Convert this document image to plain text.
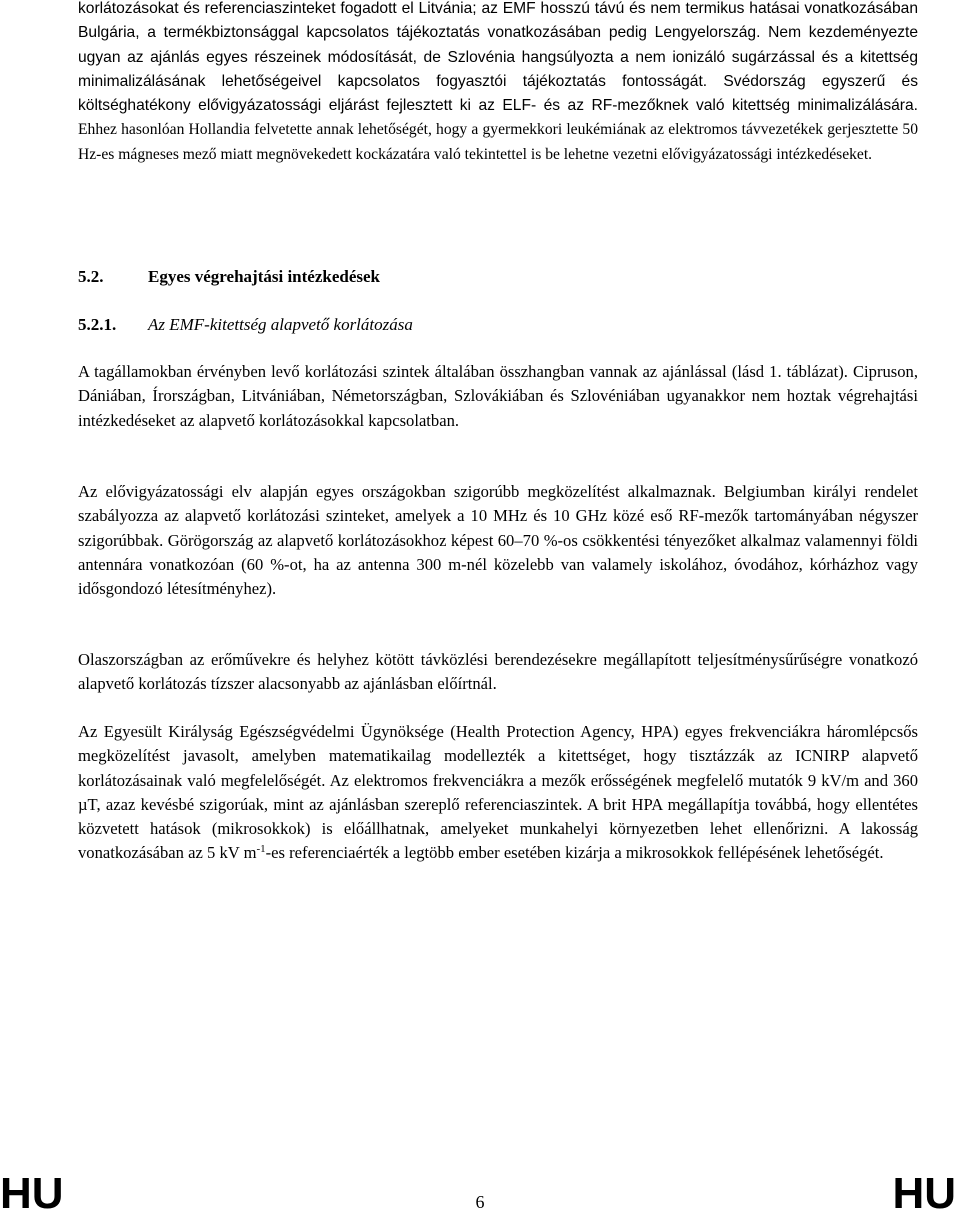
korlátozásokat és referenciaszinteket fogadott el Litvánia; az EMF hosszú távú és nem termikus hatásai vonatkozásában Bulgária, a termékbiztonsággal kapcsolatos tájékoztatás vonatkozásában pedig Lengyelország. Nem kezdeményezte ugyan az ajánlás egyes részeinek módosítását, de Szlovénia hangsúlyozta a nem ionizáló sugárzással és a kitettség minimalizálásának lehetőségeivel kapcsolatos fogyasztói tájékoztatás fontosságát. Svédország egyszerű és költséghatékony elővigyázatossági eljárást fejlesztett ki az ELF- és az RF-mezőknek való kitettség minimalizálására. Ehhez hasonlóan Hollandia felvetette annak lehetőségét, hogy a gyermekkori leukémiának az elektromos távvezetékek gerjesztette 50 Hz-es mágneses mező miatt megnövekedett kockázatára való tekintettel is be lehetne vezetni elővigyázatossági intézkedéseket.

5.2.	Egyes végrehajtási intézkedések
5.2.1. Az EMF-kitettség alapvető korlátozása

A tagállamokban érvényben levő korlátozási szintek általában összhangban vannak az ajánlással (lásd 1. táblázat). Cipruson, Dániában, Írországban, Litvániában, Németországban, Szlovákiában és Szlovéniában ugyanakkor nem hoztak végrehajtási intézkedéseket az alapvető korlátozásokkal kapcsolatban.

Az elővigyázatossági elv alapján egyes országokban szigorúbb megközelítést alkalmaznak. Belgiumban királyi rendelet szabályozza az alapvető korlátozási szinteket, amelyek a 10 MHz és 10 GHz közé eső RF-mezők tartományában négyszer szigorúbbak. Görögország az alapvető korlátozásokhoz képest 60–70 %-os csökkentési tényezőket alkalmaz valamennyi földi antennára vonatkozóan (60 %-ot, ha az antenna 300 m-nél közelebb van valamely iskolához, óvodához, kórházhoz vagy idősgondozó létesítményhez).

Olaszországban az erőművekre és helyhez kötött távközlési berendezésekre megállapított teljesítménysűrűségre vonatkozó alapvető korlátozás tízszer alacsonyabb az ajánlásban előírtnál.

Az Egyesült Királyság Egészségvédelmi Ügynöksége (Health Protection Agency, HPA) egyes frekvenciákra háromlépcsős megközelítést javasolt, amelyben matematikailag modellezték a kitettséget, hogy tisztázzák az ICNIRP alapvető korlátozásainak való megfelelőségét. Az elektromos frekvenciákra a mezők erősségének megfelelő mutatók 9 kV/m and 360 µT, azaz kevésbé szigorúak, mint az ajánlásban szereplő referenciaszintek. A brit HPA megállapítja továbbá, hogy ellentétes közvetett hatások (mikrosokkok) is előállhatnak, amelyeket munkahelyi környezetben lehet ellenőrizni. A lakosság vonatkozásában az 5 kV $m^{-1}-es$ referenciaérték a legtöbb ember esetében kizárja a mikrosokkok fellépésének lehetőségét.

HU	6	HU
